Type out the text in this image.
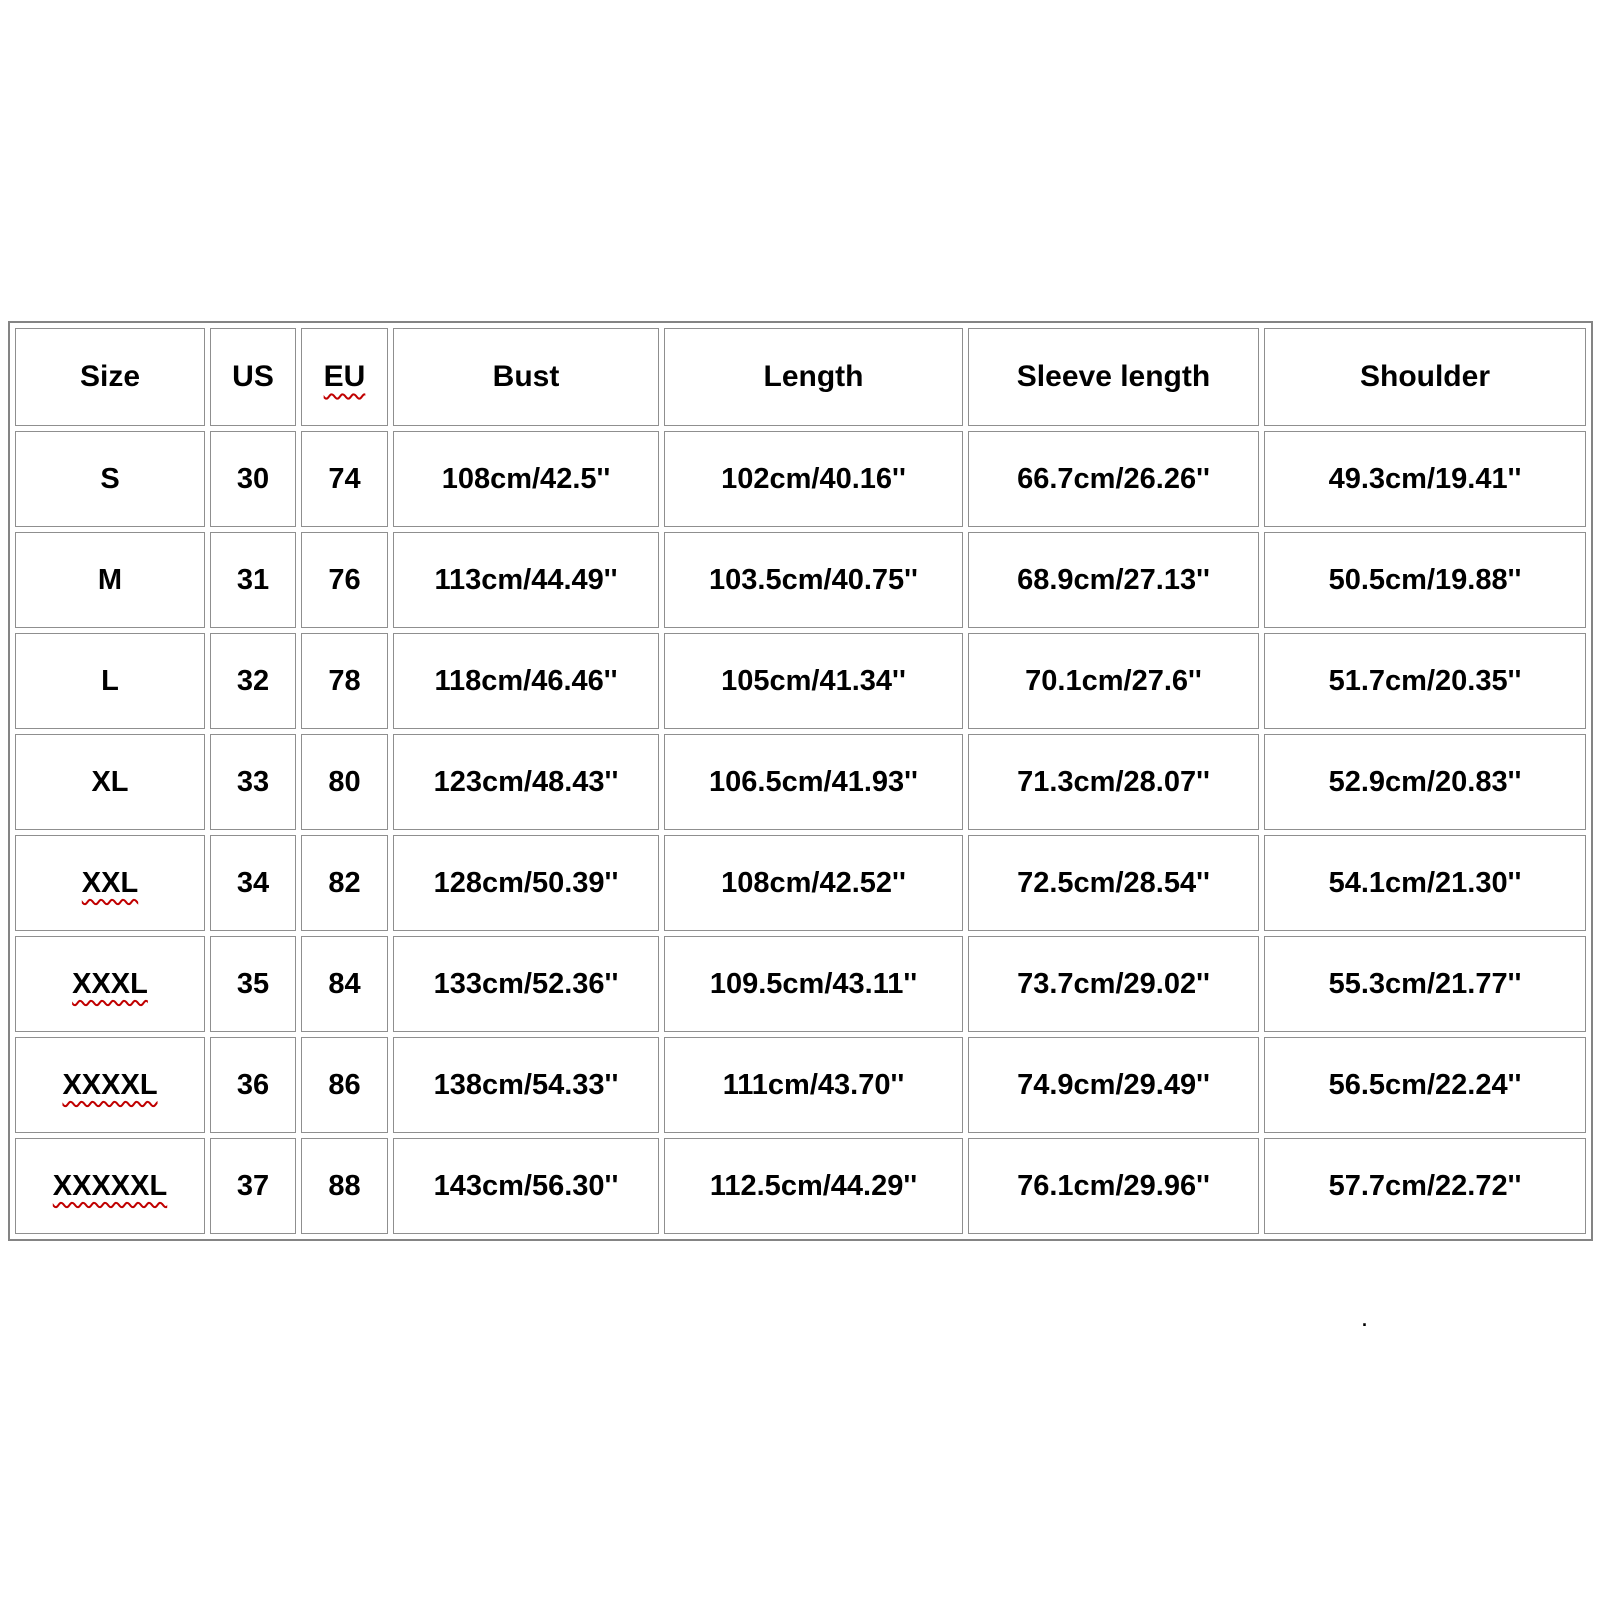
Size	US	EU	Bust	Length	Sleeve length	Shoulder
S	30	74	108cm/42.5''	102cm/40.16''	66.7cm/26.26''	49.3cm/19.41''
M	31	76	113cm/44.49''	103.5cm/40.75''	68.9cm/27.13''	50.5cm/19.88''
L	32	78	118cm/46.46''	105cm/41.34''	70.1cm/27.6''	51.7cm/20.35''
XL	33	80	123cm/48.43''	106.5cm/41.93''	71.3cm/28.07''	52.9cm/20.83''
XXL	34	82	128cm/50.39''	108cm/42.52''	72.5cm/28.54''	54.1cm/21.30''
XXXL	35	84	133cm/52.36''	109.5cm/43.11''	73.7cm/29.02''	55.3cm/21.77''
XXXXL	36	86	138cm/54.33''	111cm/43.70''	74.9cm/29.49''	56.5cm/22.24''
XXXXXL	37	88	143cm/56.30''	112.5cm/44.29''	76.1cm/29.96''	57.7cm/22.72''
.
